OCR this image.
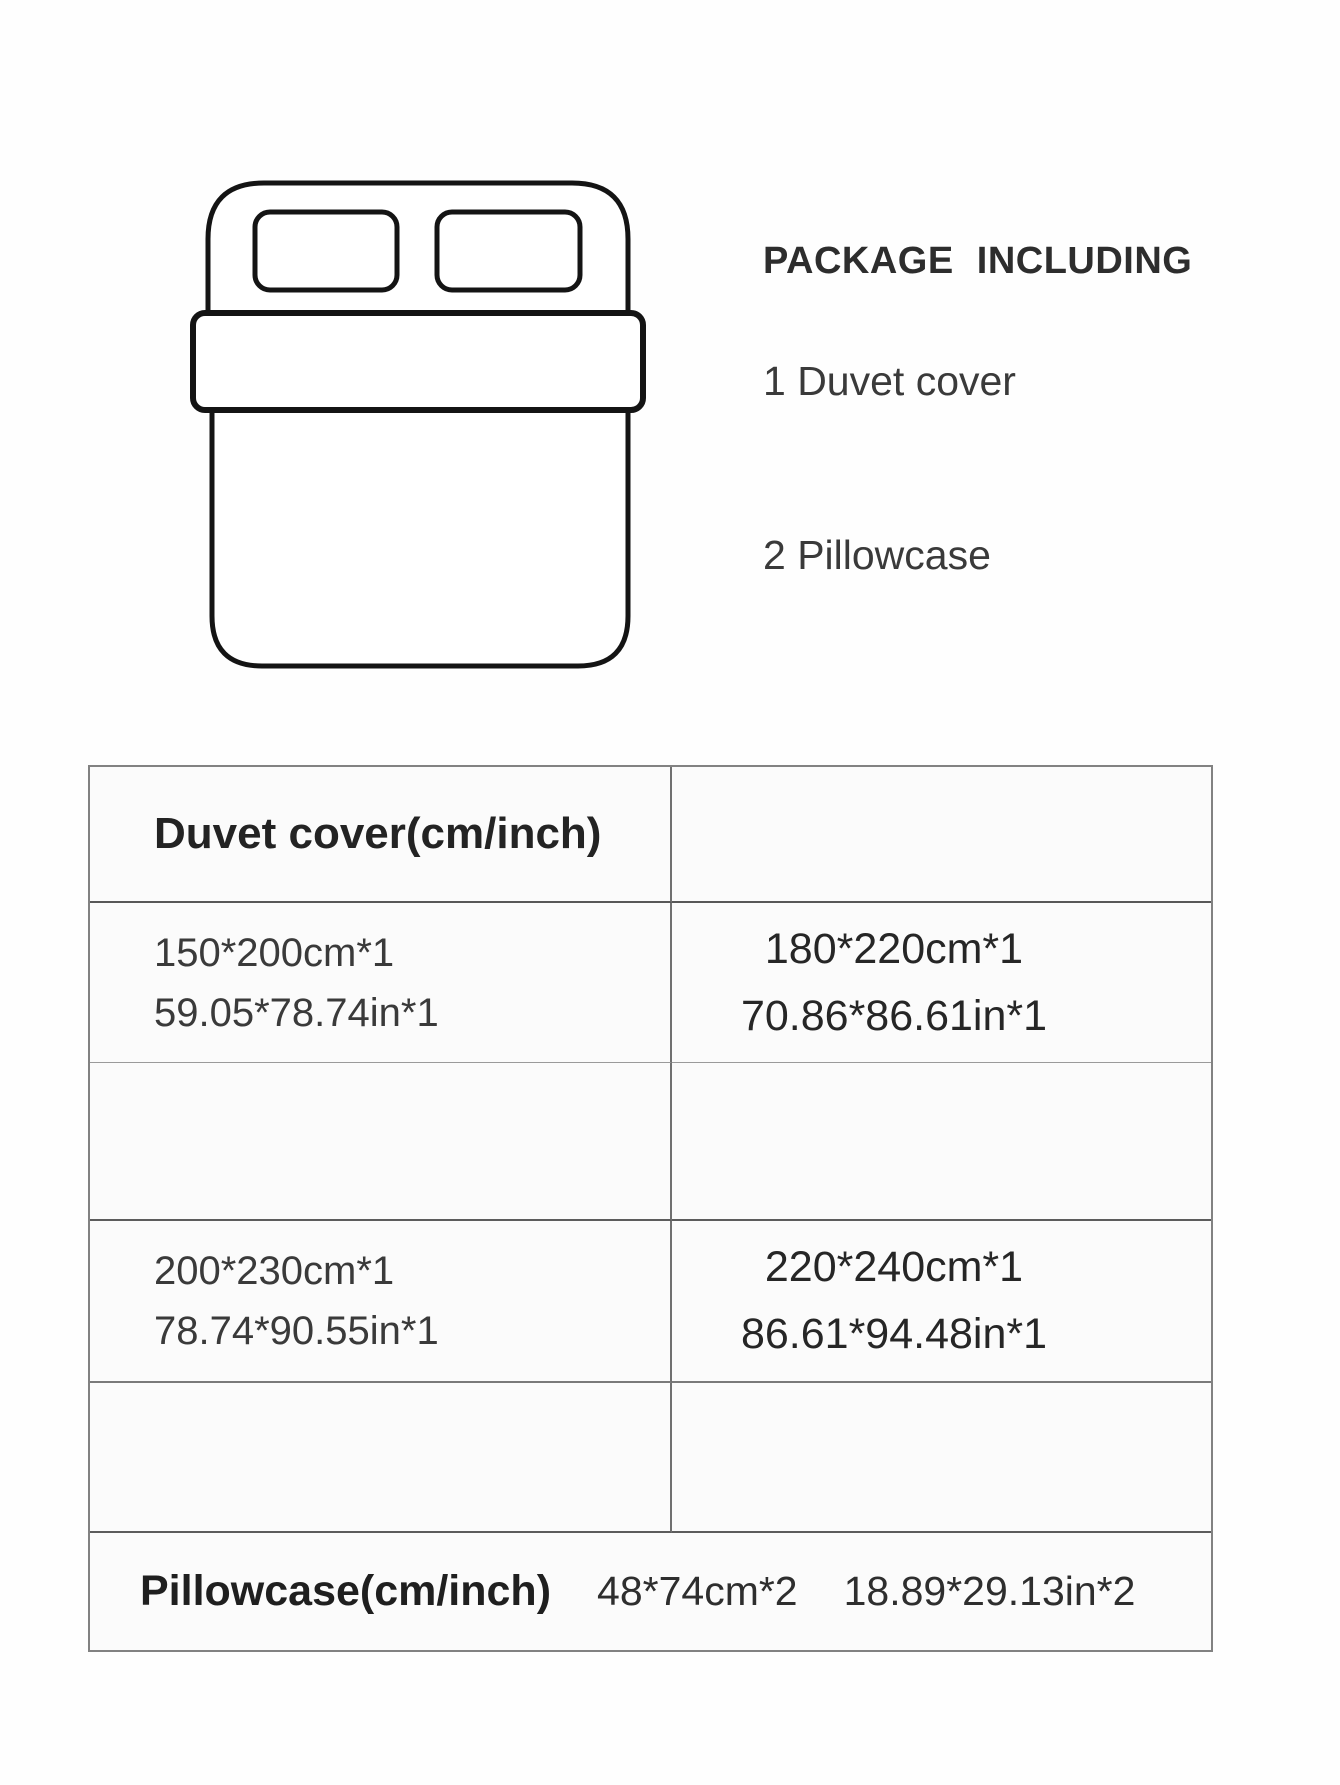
PACKAGE INCLUDING
1 Duvet cover
2 Pillowcase
Duvet cover(cm/inch)
150*200cm*1
59.05*78.74in*1
180*220cm*1
70.86*86.61in*1
200*230cm*1
78.74*90.55in*1
220*240cm*1
86.61*94.48in*1
Pillowcase(cm/inch) 48*74cm*2 18.89*29.13in*2
